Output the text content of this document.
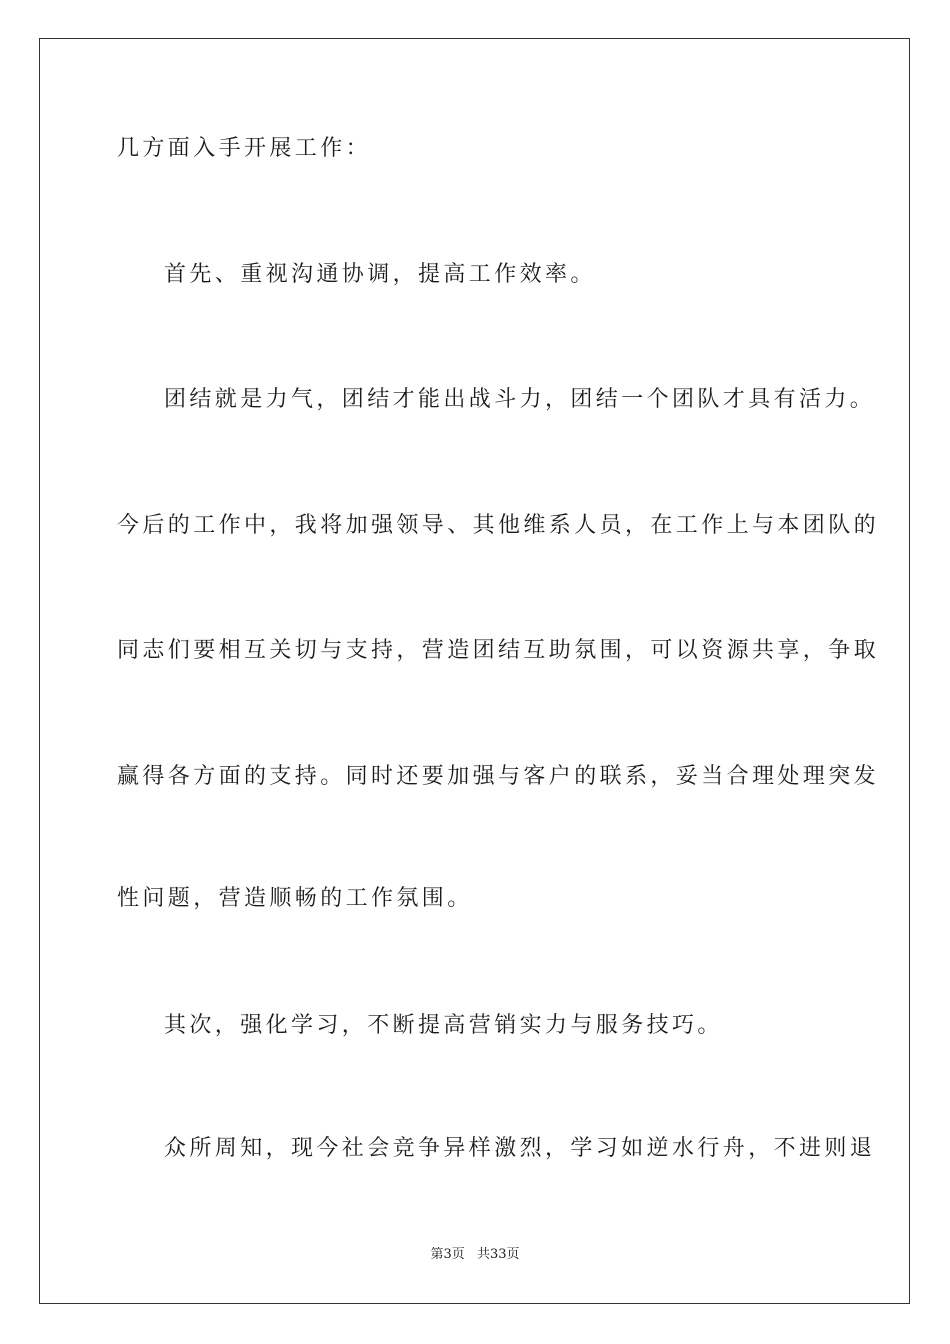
几方面入手开展工作：
首先、重视沟通协调，提高工作效率。
团结就是力气，团结才能出战斗力，团结一个团队才具有活力。
今后的工作中，我将加强领导、其他维系人员，在工作上与本团队的
同志们要相互关切与支持，营造团结互助氛围，可以资源共享，争取
赢得各方面的支持。同时还要加强与客户的联系，妥当合理处理突发
性问题，营造顺畅的工作氛围。
其次，强化学习，不断提高营销实力与服务技巧。
众所周知，现今社会竞争异样激烈，学习如逆水行舟，不进则退
第3页 共33页
